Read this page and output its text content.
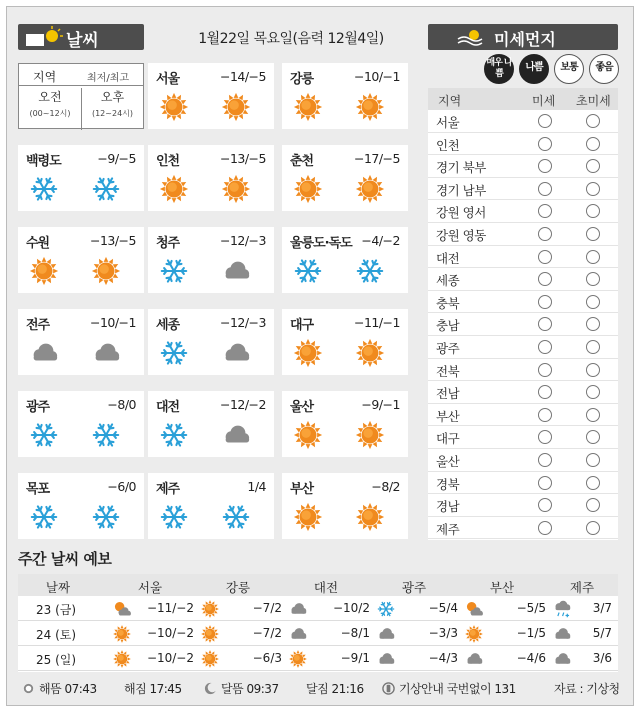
날씨	1월22일 목요일(음력 12월4일)	미세먼지
지역	최저/최고
오전
(00~12시)
오후
(12~24시)
서울	−14/−5 강릉	−10/−1
백령도	−9/−5 인천	−13/−5 춘천	−17/−5
수원	−13/−5 청주	−12/−3 울릉도·독도 −4/−2
전주	−10/−1 세종	−12/−3 대구	−11/−1
광주	−8/0 대전	−12/−2 울산	−9/−1
목포	−6/0 제주	1/4 부산	−8/2
매우 나쁨
나쁨	보통	좋음
지역	미세 초미세
서울
인천
경기 북부
경기 남부
강원 영서
강원 영동
대전
세종
충북
충남
광주
전북
전남
부산
대구
울산
경북
경남
제주
주간 날씨 예보
날짜	서울	강릉	대전	광주	부산	제주
23 (금)	−11/−2	−7/2	−10/2	−5/4	−5/5	3/7
24 (토)	−10/−2	−7/2	−8/1	−3/3	−1/5	5/7
25 (일)	−10/−2	−6/3	−9/1	−4/3	−4/6	3/6
해뜸 07:43 해짐 17:45	달뜸 09:37 달짐 21:16	기상안내 국번없이 131	자료 : 기상청
